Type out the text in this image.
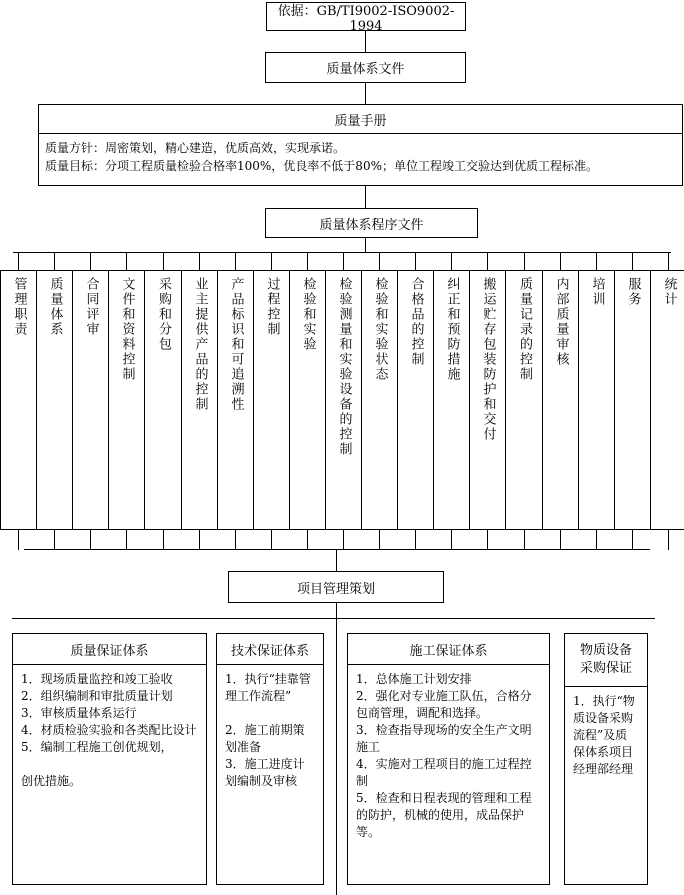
依据：GB/TI9002-ISO9002-1994
质量体系文件
质量手册
质量方针：周密策划，精心建造，优质高效，实现承诺。
质量目标：分项工程质量检验合格率100%，优良率不低于80%；单位工程竣工交验达到优质工程标准。
质量体系程序文件
管理职责 质量体系 合同评审 文件和资料控制 采购和分包 业主提供产品的控制 产品标识和可追溯性 过程控制 检验和实验 检验测量和实验设备的控制 检验和实验状态 合格品的控制 纠正和预防措施 搬运贮存包装防护和交付 质量记录的控制 内部质量审核 培训 服务 统计
项目管理策划
质量保证体系

1．现场质量监控和竣工验收

2．组织编制和审批质量计划

3．审核质量体系运行

4．材质检验实验和各类配比设计

5．编制工程施工创优规划，

创优措施。

技术保证体系

1．执行“挂靠管理工作流程”

2．施工前期策划准备

3．施工进度计划编制及审核

施工保证体系

1．总体施工计划安排

2．强化对专业施工队伍，合格分包商管理，调配和选择。

3．检查指导现场的安全生产文明施工

4．实施对工程项目的施工过程控制

5．检查和日程表现的管理和工程的防护，机械的使用，成品保护等。

物质设备采购保证

1．执行“物质设备采购流程”及质保体系项目经理部经理
